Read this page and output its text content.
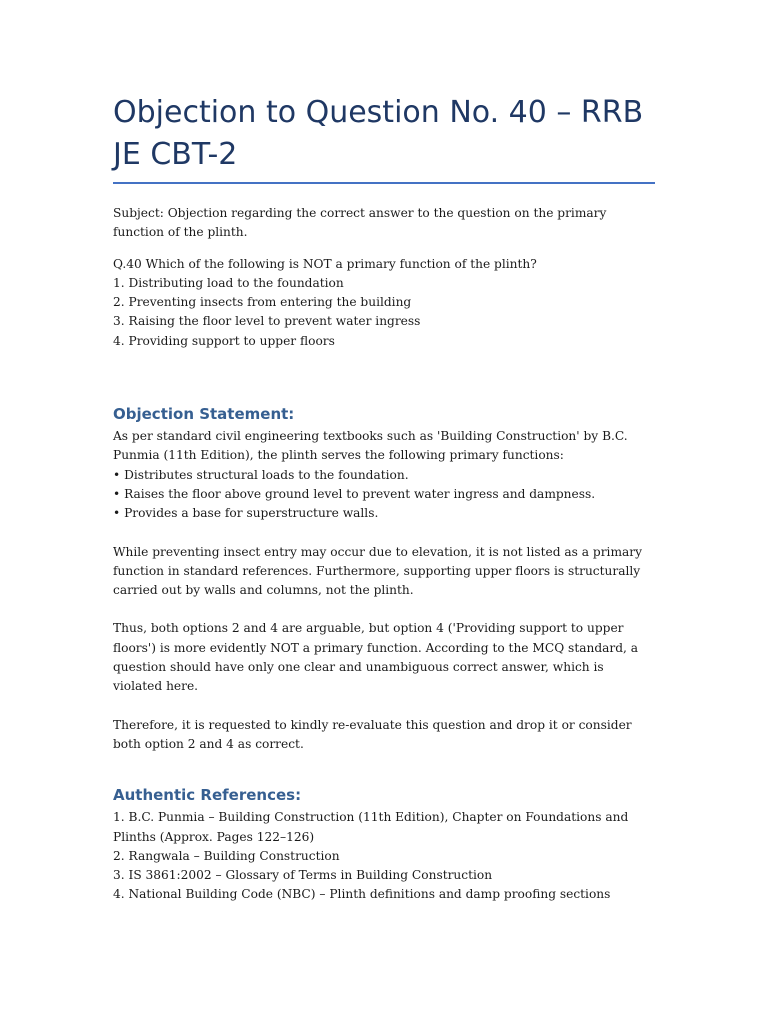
Objection to Question No. 40 – RRB JE CBT-2

Subject: Objection regarding the correct answer to the question on the primary function of the plinth.

Q.40 Which of the following is NOT a primary function of the plinth?
1. Distributing load to the foundation
2. Preventing insects from entering the building
3. Raising the floor level to prevent water ingress
4. Providing support to upper floors
Objection Statement:
As per standard civil engineering textbooks such as 'Building Construction' by B.C. Punmia (11th Edition), the plinth serves the following primary functions:
• Distributes structural loads to the foundation.
• Raises the floor above ground level to prevent water ingress and dampness.
• Provides a base for superstructure walls.

While preventing insect entry may occur due to elevation, it is not listed as a primary function in standard references. Furthermore, supporting upper floors is structurally carried out by walls and columns, not the plinth.

Thus, both options 2 and 4 are arguable, but option 4 ('Providing support to upper floors') is more evidently NOT a primary function. According to the MCQ standard, a question should have only one clear and unambiguous correct answer, which is violated here.

Therefore, it is requested to kindly re-evaluate this question and drop it or consider both option 2 and 4 as correct.

Authentic References:
1. B.C. Punmia – Building Construction (11th Edition), Chapter on Foundations and Plinths (Approx. Pages 122–126)
2. Rangwala – Building Construction
3. IS 3861:2002 – Glossary of Terms in Building Construction
4. National Building Code (NBC) – Plinth definitions and damp proofing sections
